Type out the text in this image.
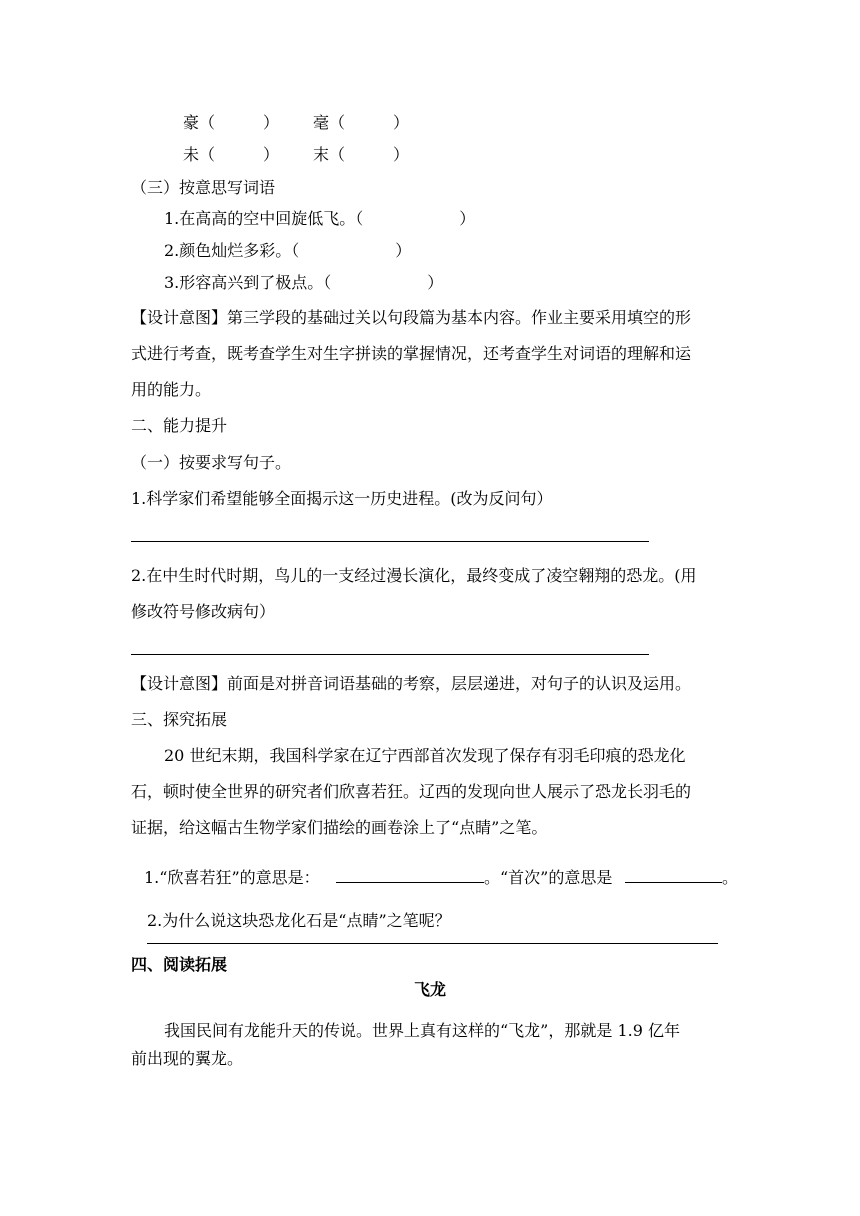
豪（　　　） 毫（　　　）
未（　　　） 末（　　　）
（三）按意思写词语
1.在高高的空中回旋低飞。（　　　　　　）
2.颜色灿烂多彩。（　　　　　　）
3.形容高兴到了极点。（　　　　　　）
【设计意图】第三学段的基础过关以句段篇为基本内容。作业主要采用填空的形
式进行考查，既考查学生对生字拼读的掌握情况，还考查学生对词语的理解和运
用的能力。
二、能力提升
（一）按要求写句子。
1.科学家们希望能够全面揭示这一历史进程。(改为反问句）
2.在中生时代时期，鸟儿的一支经过漫长演化，最终变成了凌空翱翔的恐龙。(用
修改符号修改病句）
【设计意图】前面是对拼音词语基础的考察，层层递进，对句子的认识及运用。
三、探究拓展
20 世纪末期，我国科学家在辽宁西部首次发现了保存有羽毛印痕的恐龙化
石，顿时使全世界的研究者们欣喜若狂。辽西的发现向世人展示了恐龙长羽毛的
证据，给这幅古生物学家们描绘的画卷涂上了“点睛”之笔。
1.“欣喜若狂”的意思是：	。“首次”的意思是	。
2.为什么说这块恐龙化石是“点睛”之笔呢？
四、阅读拓展
飞龙
我国民间有龙能升天的传说。世界上真有这样的“飞龙”，那就是 1.9 亿年
前出现的翼龙。
